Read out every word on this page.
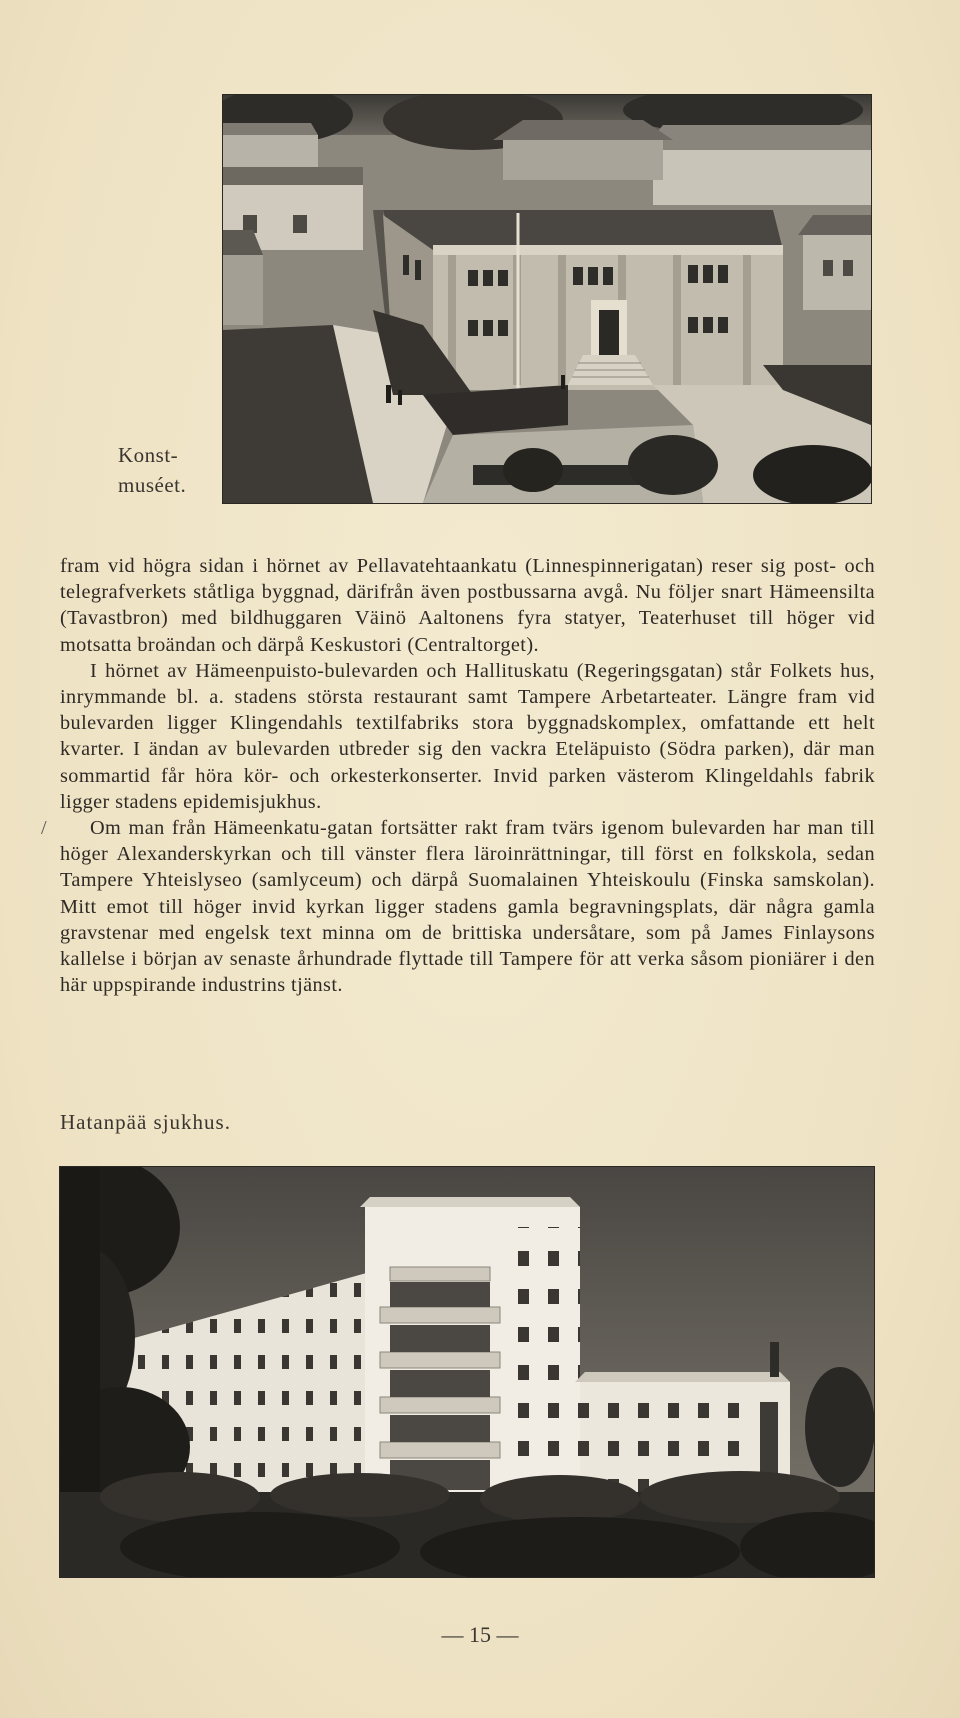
Konst-
muséet.

fram vid högra sidan i hörnet av Pellavatehtaankatu (Linnespinnerigatan) reser sig post- och telegrafverkets ståtliga byggnad, därifrån även postbussarna avgå. Nu följer snart Hämeensilta (Tavastbron) med bildhuggaren Väinö Aaltonens fyra statyer, Teaterhuset till höger vid motsatta broändan och därpå Keskustori (Centraltorget).

I hörnet av Hämeenpuisto-bulevarden och Hallituskatu (Regeringsgatan) står Folkets hus, inrymmande bl. a. stadens största restaurant samt Tampere Arbetarteater. Längre fram vid bulevarden ligger Klingendahls textilfabriks stora byggnadskomplex, omfattande ett helt kvarter. I ändan av bulevarden utbreder sig den vackra Eteläpuisto (Södra parken), där man sommartid får höra kör- och orkesterkonserter. Invid parken västerom Klingeldahls fabrik ligger stadens epidemisjukhus.

Om man från Hämeenkatu-gatan fortsätter rakt fram tvärs igenom bulevarden har man till höger Alexanderskyrkan och till vänster flera läroinrättningar, till först en folkskola, sedan Tampere Yhteislyseo (samlyceum) och därpå Suomalainen Yhteiskoulu (Finska samskolan). Mitt emot till höger invid kyrkan ligger stadens gamla begravningsplats, där några gamla gravstenar med engelsk text minna om de brittiska undersåtare, som på James Finlaysons kallelse i början av senaste århundrade flyttade till Tampere för att verka såsom pioniärer i den här uppspirande industrins tjänst.

/
Hatanpää sjukhus.
— 15 —
